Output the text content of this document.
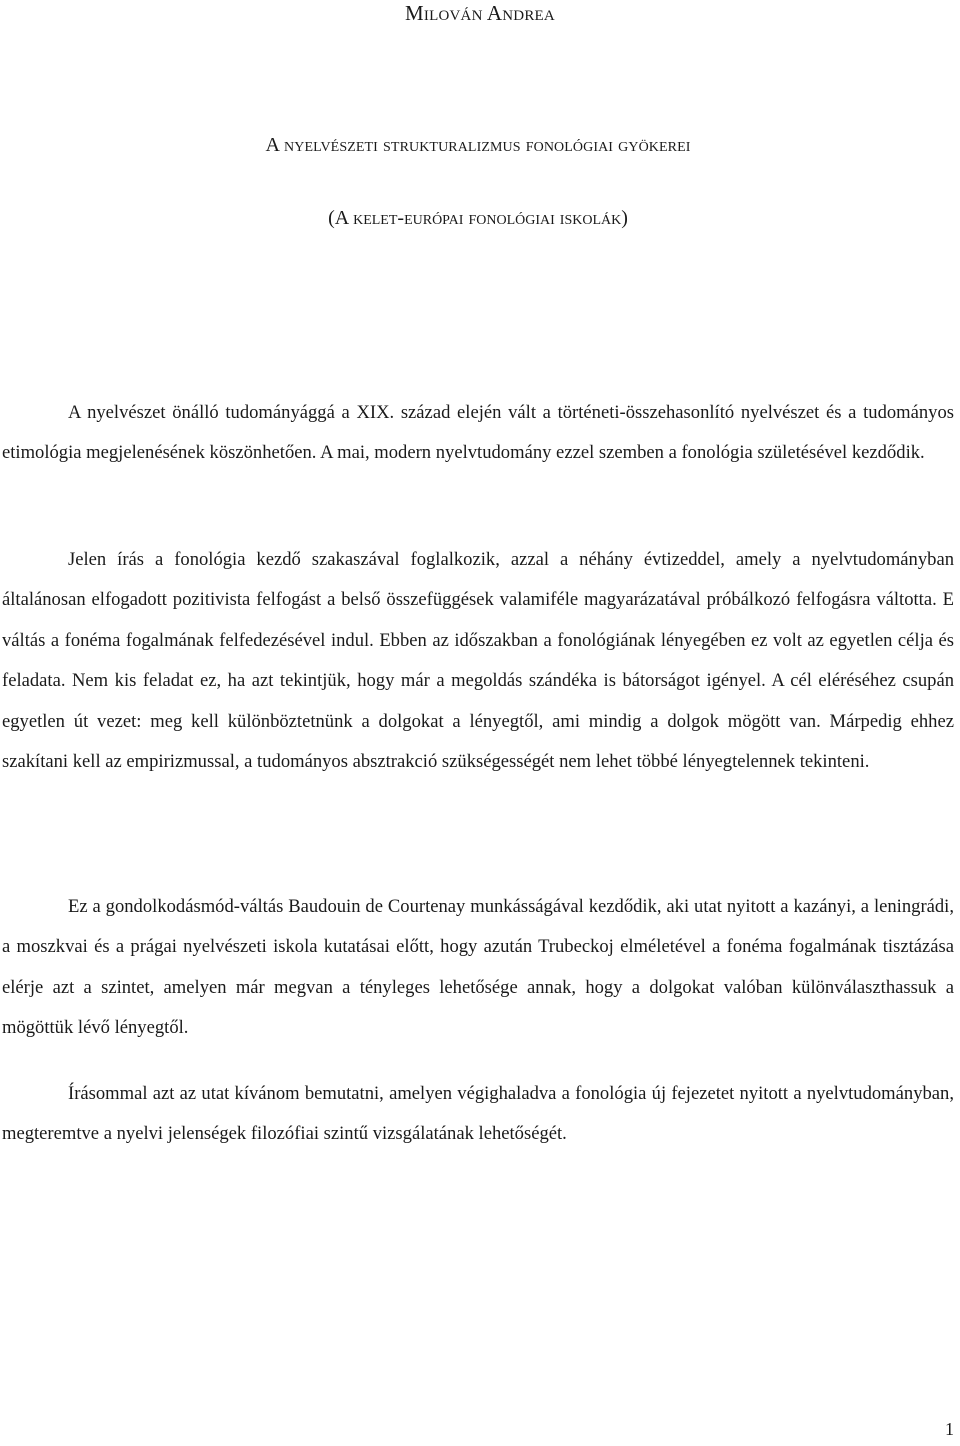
Milován Andrea
A nyelvészeti strukturalizmus fonológiai gyökerei
(A kelet-európai fonológiai iskolák)

A nyelvészet önálló tudományággá a XIX. század elején vált a történeti-összehasonlító nyelvészet és a tudományos etimológia megjelenésének köszönhetően. A mai, modern nyelvtudomány ezzel szemben a fonológia születésével kezdődik.

Jelen írás a fonológia kezdő szakaszával foglalkozik, azzal a néhány évtizeddel, amely a nyelvtudományban általánosan elfogadott pozitivista felfogást a belső összefüggések valamiféle magyarázatával próbálkozó felfogásra váltotta. E váltás a fonéma fogalmának felfedezésével indul. Ebben az időszakban a fonológiának lényegében ez volt az egyetlen célja és feladata. Nem kis feladat ez, ha azt tekintjük, hogy már a megoldás szándéka is bátorságot igényel. A cél eléréséhez csupán egyetlen út vezet: meg kell különböztetnünk a dolgokat a lényegtől, ami mindig a dolgok mögött van. Márpedig ehhez szakítani kell az empirizmussal, a tudományos absztrakció szükségességét nem lehet többé lényegtelennek tekinteni.

Ez a gondolkodásmód-váltás Baudouin de Courtenay munkásságával kezdődik, aki utat nyitott a kazányi, a leningrádi, a moszkvai és a prágai nyelvészeti iskola kutatásai előtt, hogy azután Trubeckoj elméletével a fonéma fogalmának tisztázása elérje azt a szintet, amelyen már megvan a tényleges lehetősége annak, hogy a dolgokat valóban különválaszthassuk a mögöttük lévő lényegtől.

Írásommal azt az utat kívánom bemutatni, amelyen végighaladva a fonológia új fejezetet nyitott a nyelvtudományban, megteremtve a nyelvi jelenségek filozófiai szintű vizsgálatának lehetőségét.

1
